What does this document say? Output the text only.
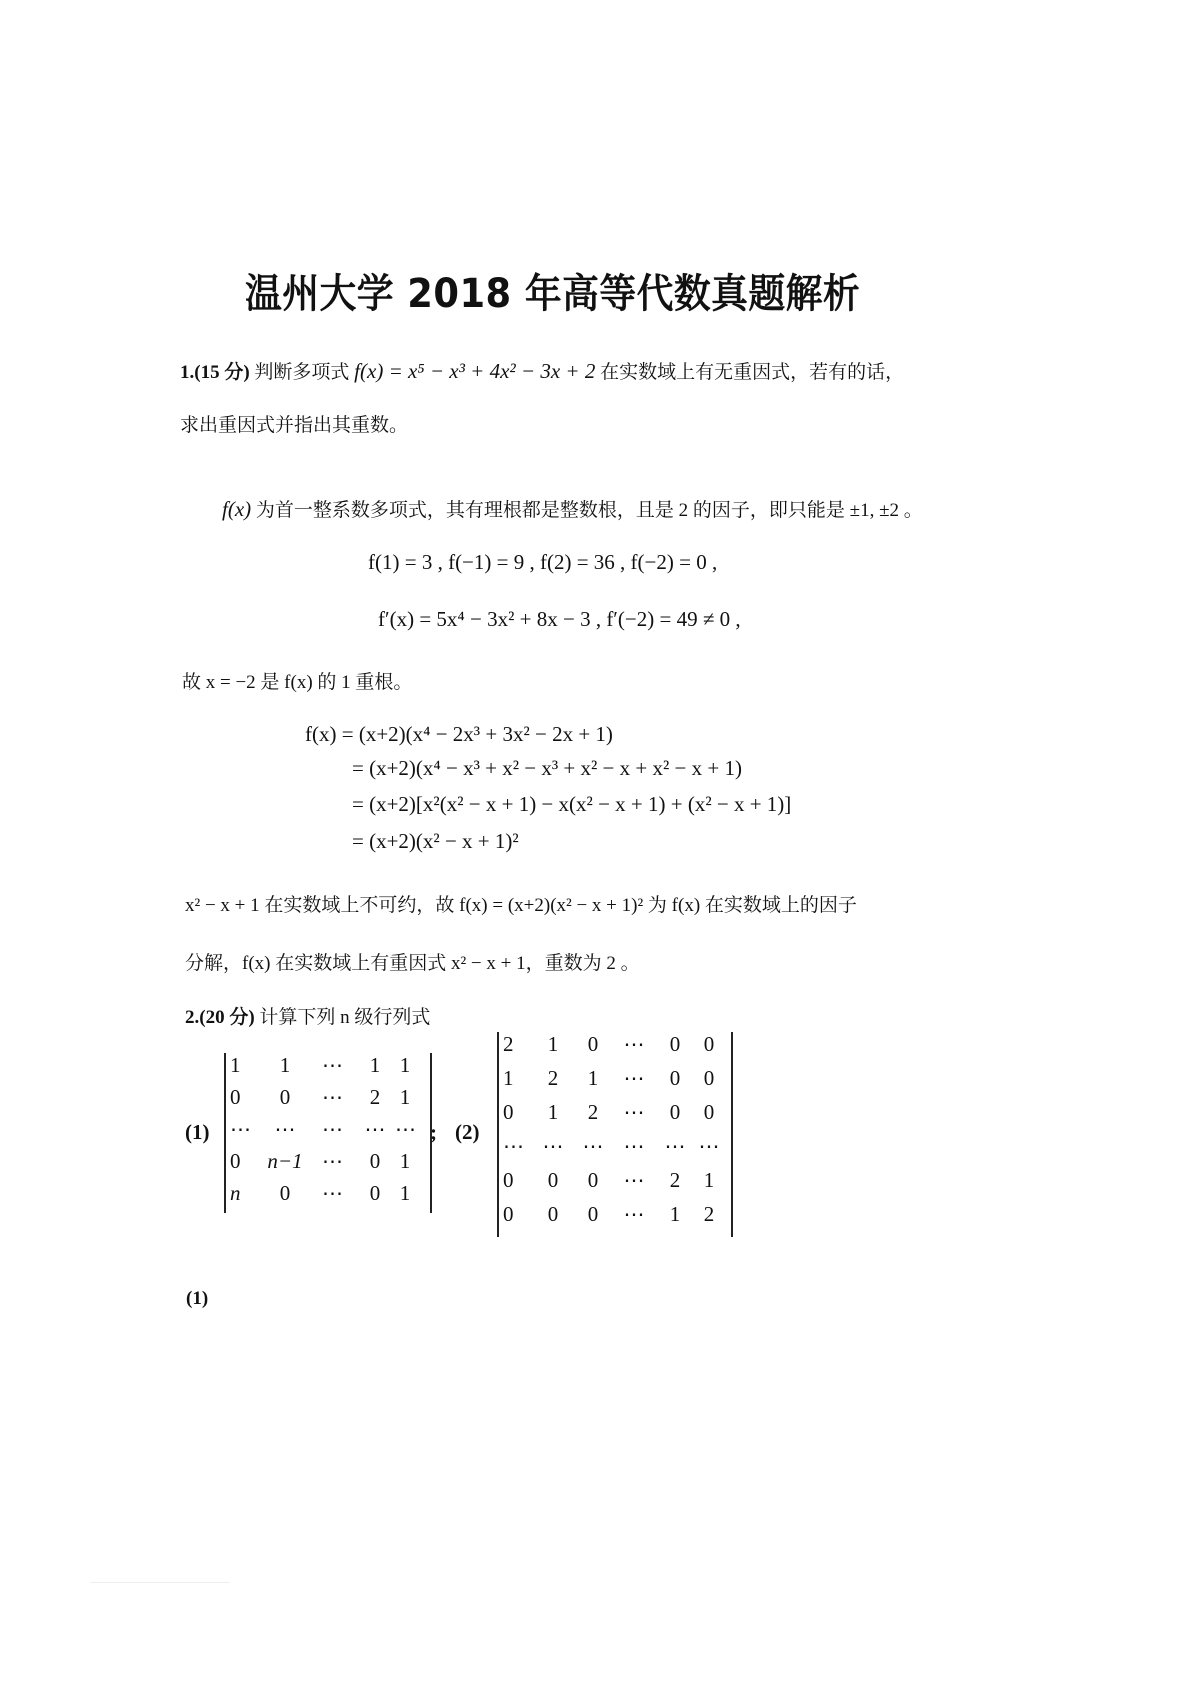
温州大学 2018 年高等代数真题解析
1.(15 分) 判断多项式 f(x) = x⁵ − x³ + 4x² − 3x + 2 在实数域上有无重因式，若有的话，
求出重因式并指出其重数。
f(x) 为首一整系数多项式，其有理根都是整数根，且是 2 的因子，即只能是 ±1, ±2 。
f(1) = 3 , f(−1) = 9 , f(2) = 36 , f(−2) = 0 ,
f′(x) = 5x⁴ − 3x² + 8x − 3 , f′(−2) = 49 ≠ 0 ,
故 x = −2 是 f(x) 的 1 重根。
f(x) = (x+2)(x⁴ − 2x³ + 3x² − 2x + 1)
= (x+2)(x⁴ − x³ + x² − x³ + x² − x + x² − x + 1)
= (x+2)[x²(x² − x + 1) − x(x² − x + 1) + (x² − x + 1)]
= (x+2)(x² − x + 1)²
x² − x + 1 在实数域上不可约，故 f(x) = (x+2)(x² − x + 1)² 为 f(x) 在实数域上的因子
分解，f(x) 在实数域上有重因式 x² − x + 1，重数为 2 。
2.(20 分) 计算下列 n 级行列式
(1)
1	1	⋯	1 1
0	0	⋯	2 1
⋯	⋯	⋯	⋯ ⋯
0	n−1 ⋯	0 1
n	0	⋯	0 1
; (2)
2	1	0	⋯	0	0
1	2	1	⋯	0	0
0	1	2	⋯	0	0
⋯ ⋯ ⋯ ⋯ ⋯ ⋯
0	0	0	⋯	2	1
0	0	0	⋯	1	2
(1)
